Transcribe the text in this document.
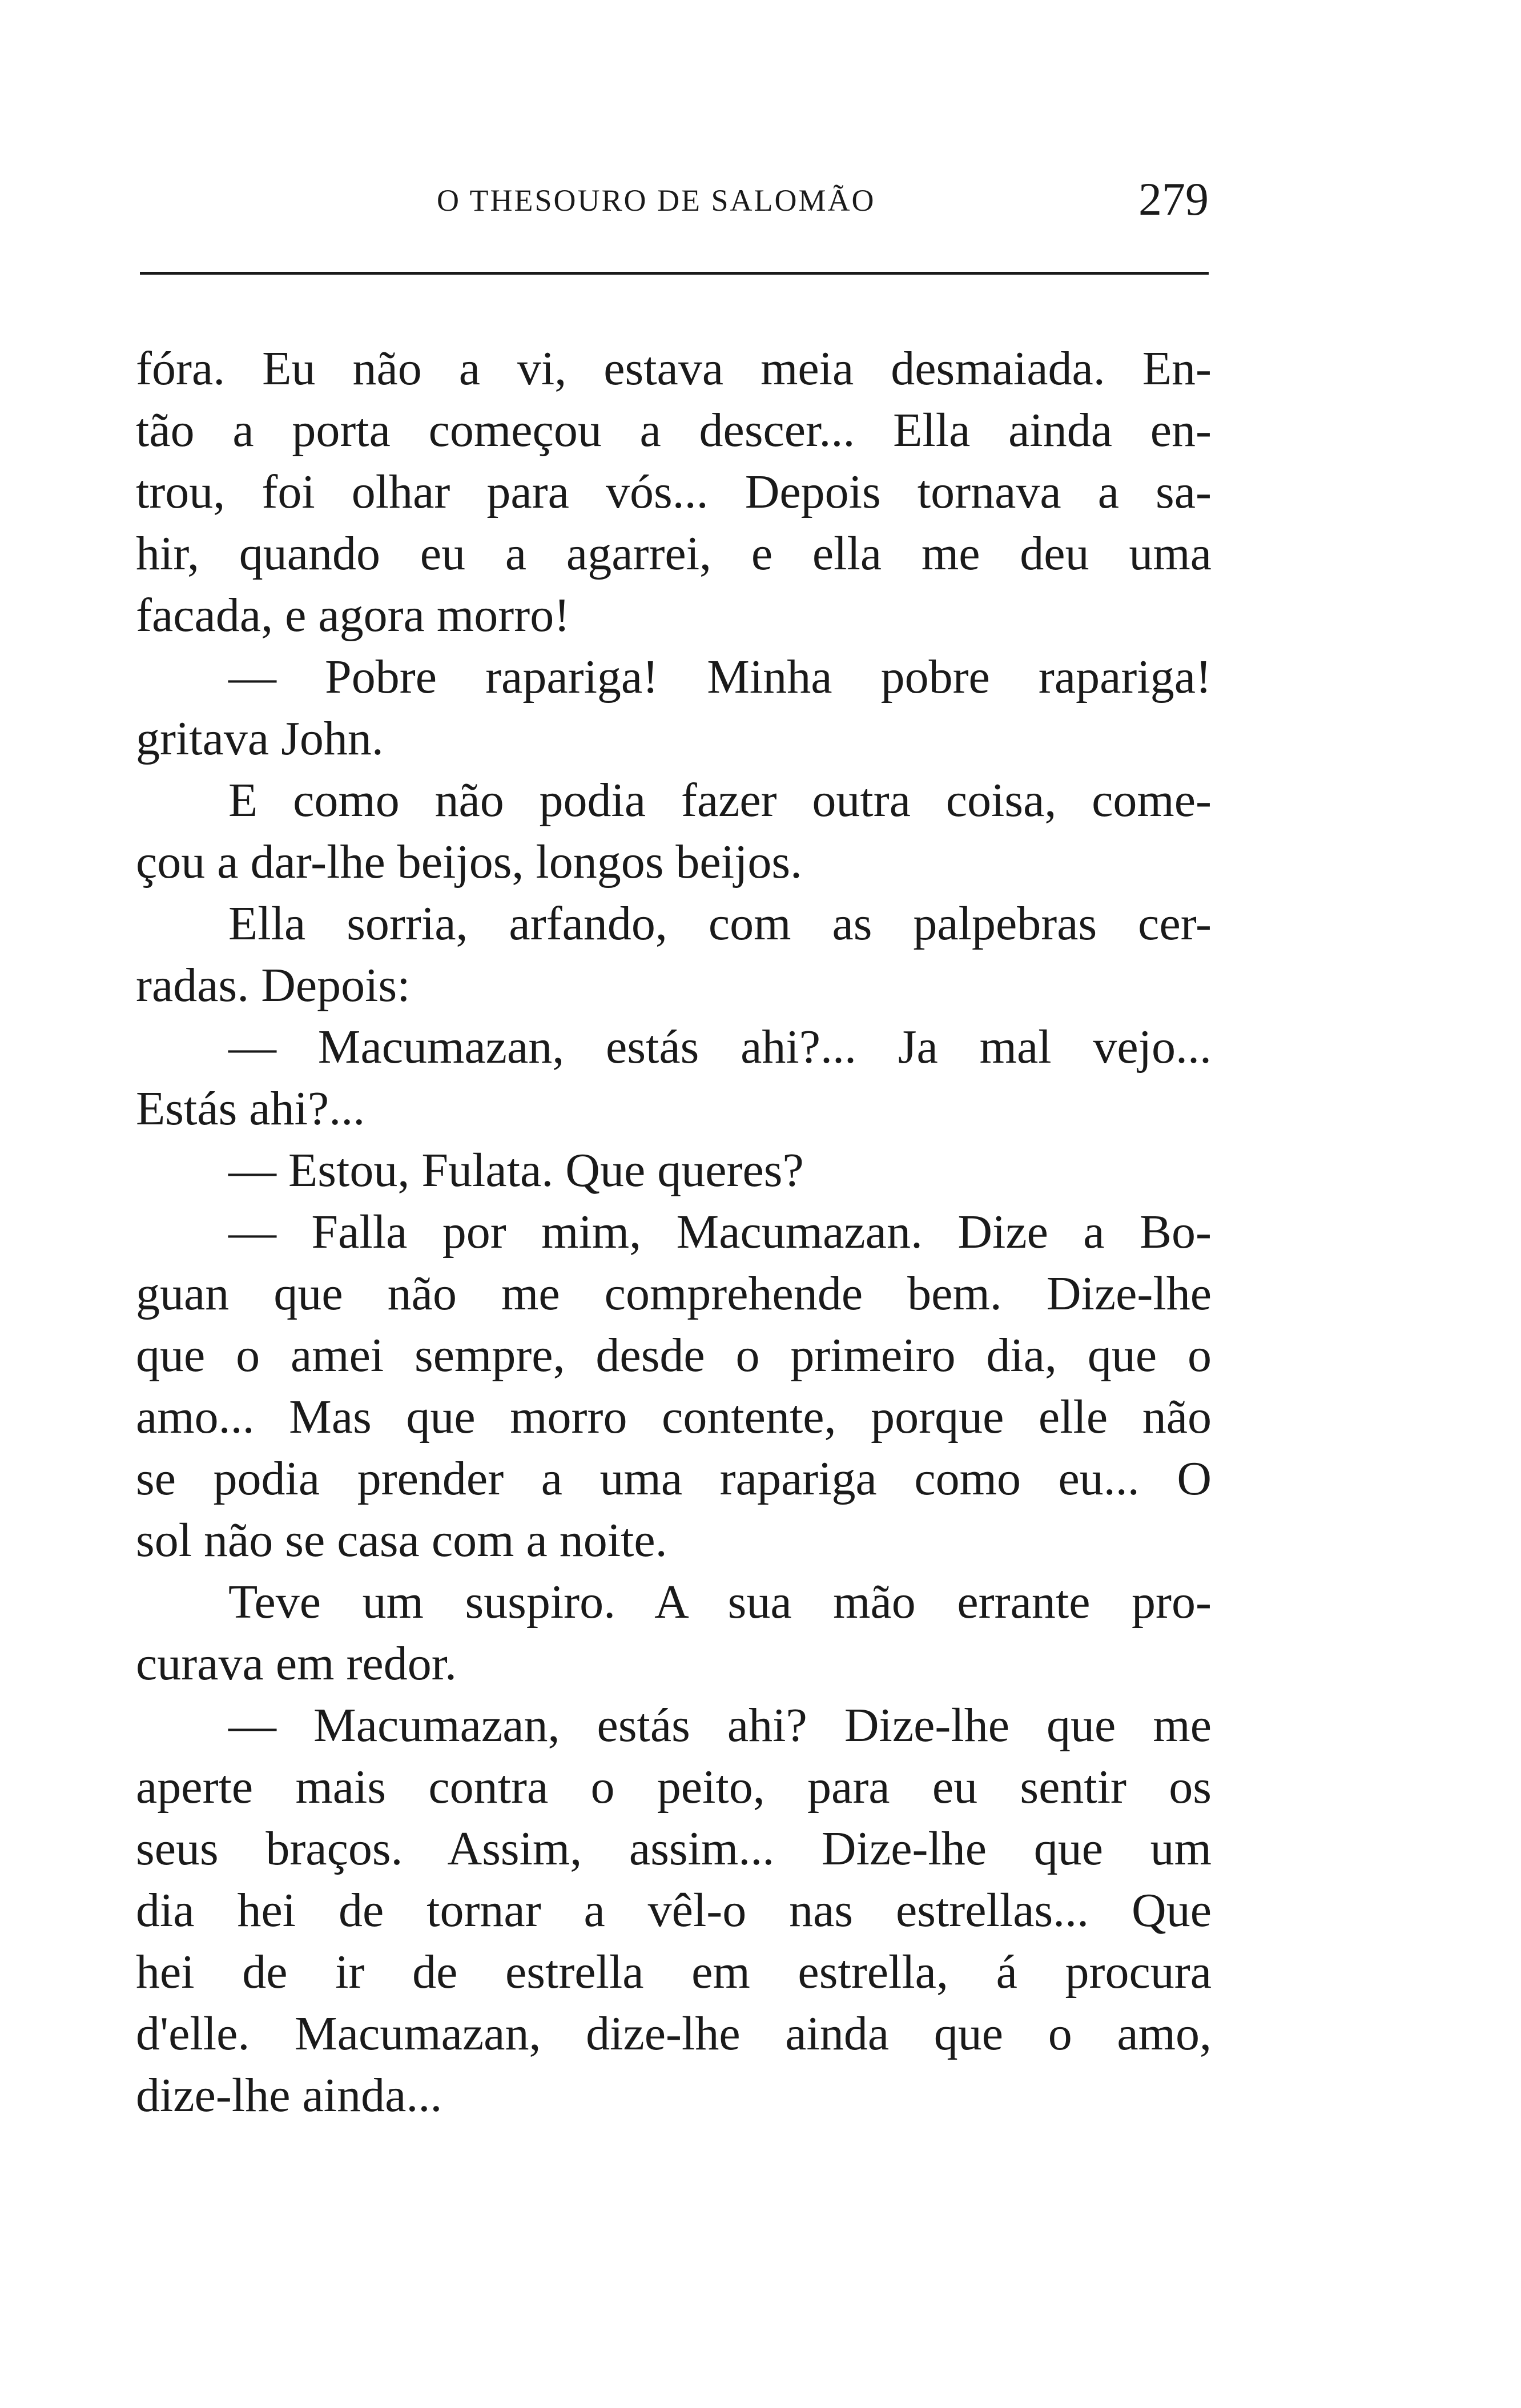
O THESOURO DE SALOMÃO	279
fóra. Eu não a vi, estava meia desmaiada. En-
tão a porta começou a descer... Ella ainda en-
trou, foi olhar para vós... Depois tornava a sa-
hir, quando eu a agarrei, e ella me deu uma
facada, e agora morro!
— Pobre rapariga! Minha pobre rapariga!
gritava John.
E como não podia fazer outra coisa, come-
çou a dar-lhe beijos, longos beijos.
Ella sorria, arfando, com as palpebras cer-
radas. Depois:
— Macumazan, estás ahi?... Ja mal vejo...
Estás ahi?...
— Estou, Fulata. Que queres?
— Falla por mim, Macumazan. Dize a Bo-
guan que não me comprehende bem. Dize-lhe
que o amei sempre, desde o primeiro dia, que o
amo... Mas que morro contente, porque elle não
se podia prender a uma rapariga como eu... O
sol não se casa com a noite.
Teve um suspiro. A sua mão errante pro-
curava em redor.
— Macumazan, estás ahi? Dize-lhe que me
aperte mais contra o peito, para eu sentir os
seus braços. Assim, assim... Dize-lhe que um
dia hei de tornar a vêl-o nas estrellas... Que
hei de ir de estrella em estrella, á procura
d'elle. Macumazan, dize-lhe ainda que o amo,
dize-lhe ainda...
